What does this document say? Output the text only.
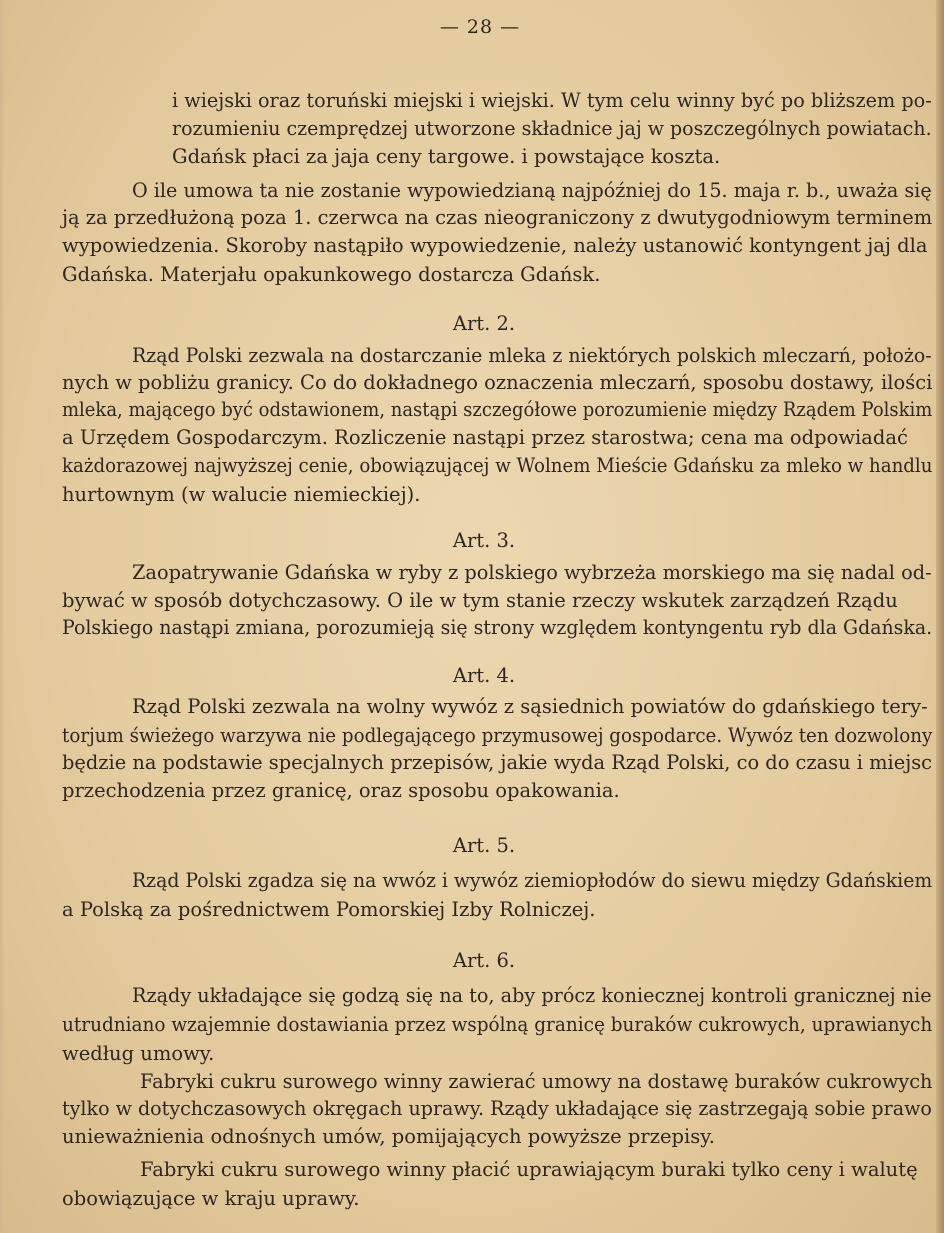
— 28 —
i wiejski oraz toruński miejski i wiejski. W tym celu winny być po bliższem po-
rozumieniu czemprędzej utworzone składnice jaj w poszczególnych powiatach.
Gdańsk płaci za jaja ceny targowe. i powstające koszta.
O ile umowa ta nie zostanie wypowiedzianą najpóźniej do 15. maja r. b., uważa się
ją za przedłużoną poza 1. czerwca na czas nieograniczony z dwutygodniowym terminem
wypowiedzenia. Skoroby nastąpiło wypowiedzenie, należy ustanowić kontyngent jaj dla
Gdańska. Materjału opakunkowego dostarcza Gdańsk.
Art. 2.
Rząd Polski zezwala na dostarczanie mleka z niektórych polskich mleczarń, położo-
nych w pobliżu granicy. Co do dokładnego oznaczenia mleczarń, sposobu dostawy, ilości
mleka, mającego być odstawionem, nastąpi szczegółowe porozumienie między Rządem Polskim
a Urzędem Gospodarczym. Rozliczenie nastąpi przez starostwa; cena ma odpowiadać
każdorazowej najwyższej cenie, obowiązującej w Wolnem Mieście Gdańsku za mleko w handlu
hurtownym (w walucie niemieckiej).
Art. 3.
Zaopatrywanie Gdańska w ryby z polskiego wybrzeża morskiego ma się nadal od-
bywać w sposób dotychczasowy. O ile w tym stanie rzeczy wskutek zarządzeń Rządu
Polskiego nastąpi zmiana, porozumieją się strony względem kontyngentu ryb dla Gdańska.
Art. 4.
Rząd Polski zezwala na wolny wywóz z sąsiednich powiatów do gdańskiego tery-
torjum świeżego warzywa nie podlegającego przymusowej gospodarce. Wywóz ten dozwolony
będzie na podstawie specjalnych przepisów, jakie wyda Rząd Polski, co do czasu i miejsc
przechodzenia przez granicę, oraz sposobu opakowania.
Art. 5.
Rząd Polski zgadza się na wwóz i wywóz ziemiopłodów do siewu między Gdańskiem
a Polską za pośrednictwem Pomorskiej Izby Rolniczej.
Art. 6.
Rządy układające się godzą się na to, aby prócz koniecznej kontroli granicznej nie
utrudniano wzajemnie dostawiania przez wspólną granicę buraków cukrowych, uprawianych
według umowy.
Fabryki cukru surowego winny zawierać umowy na dostawę buraków cukrowych
tylko w dotychczasowych okręgach uprawy. Rządy układające się zastrzegają sobie prawo
unieważnienia odnośnych umów, pomijających powyższe przepisy.
Fabryki cukru surowego winny płacić uprawiającym buraki tylko ceny i walutę
obowiązujące w kraju uprawy.
